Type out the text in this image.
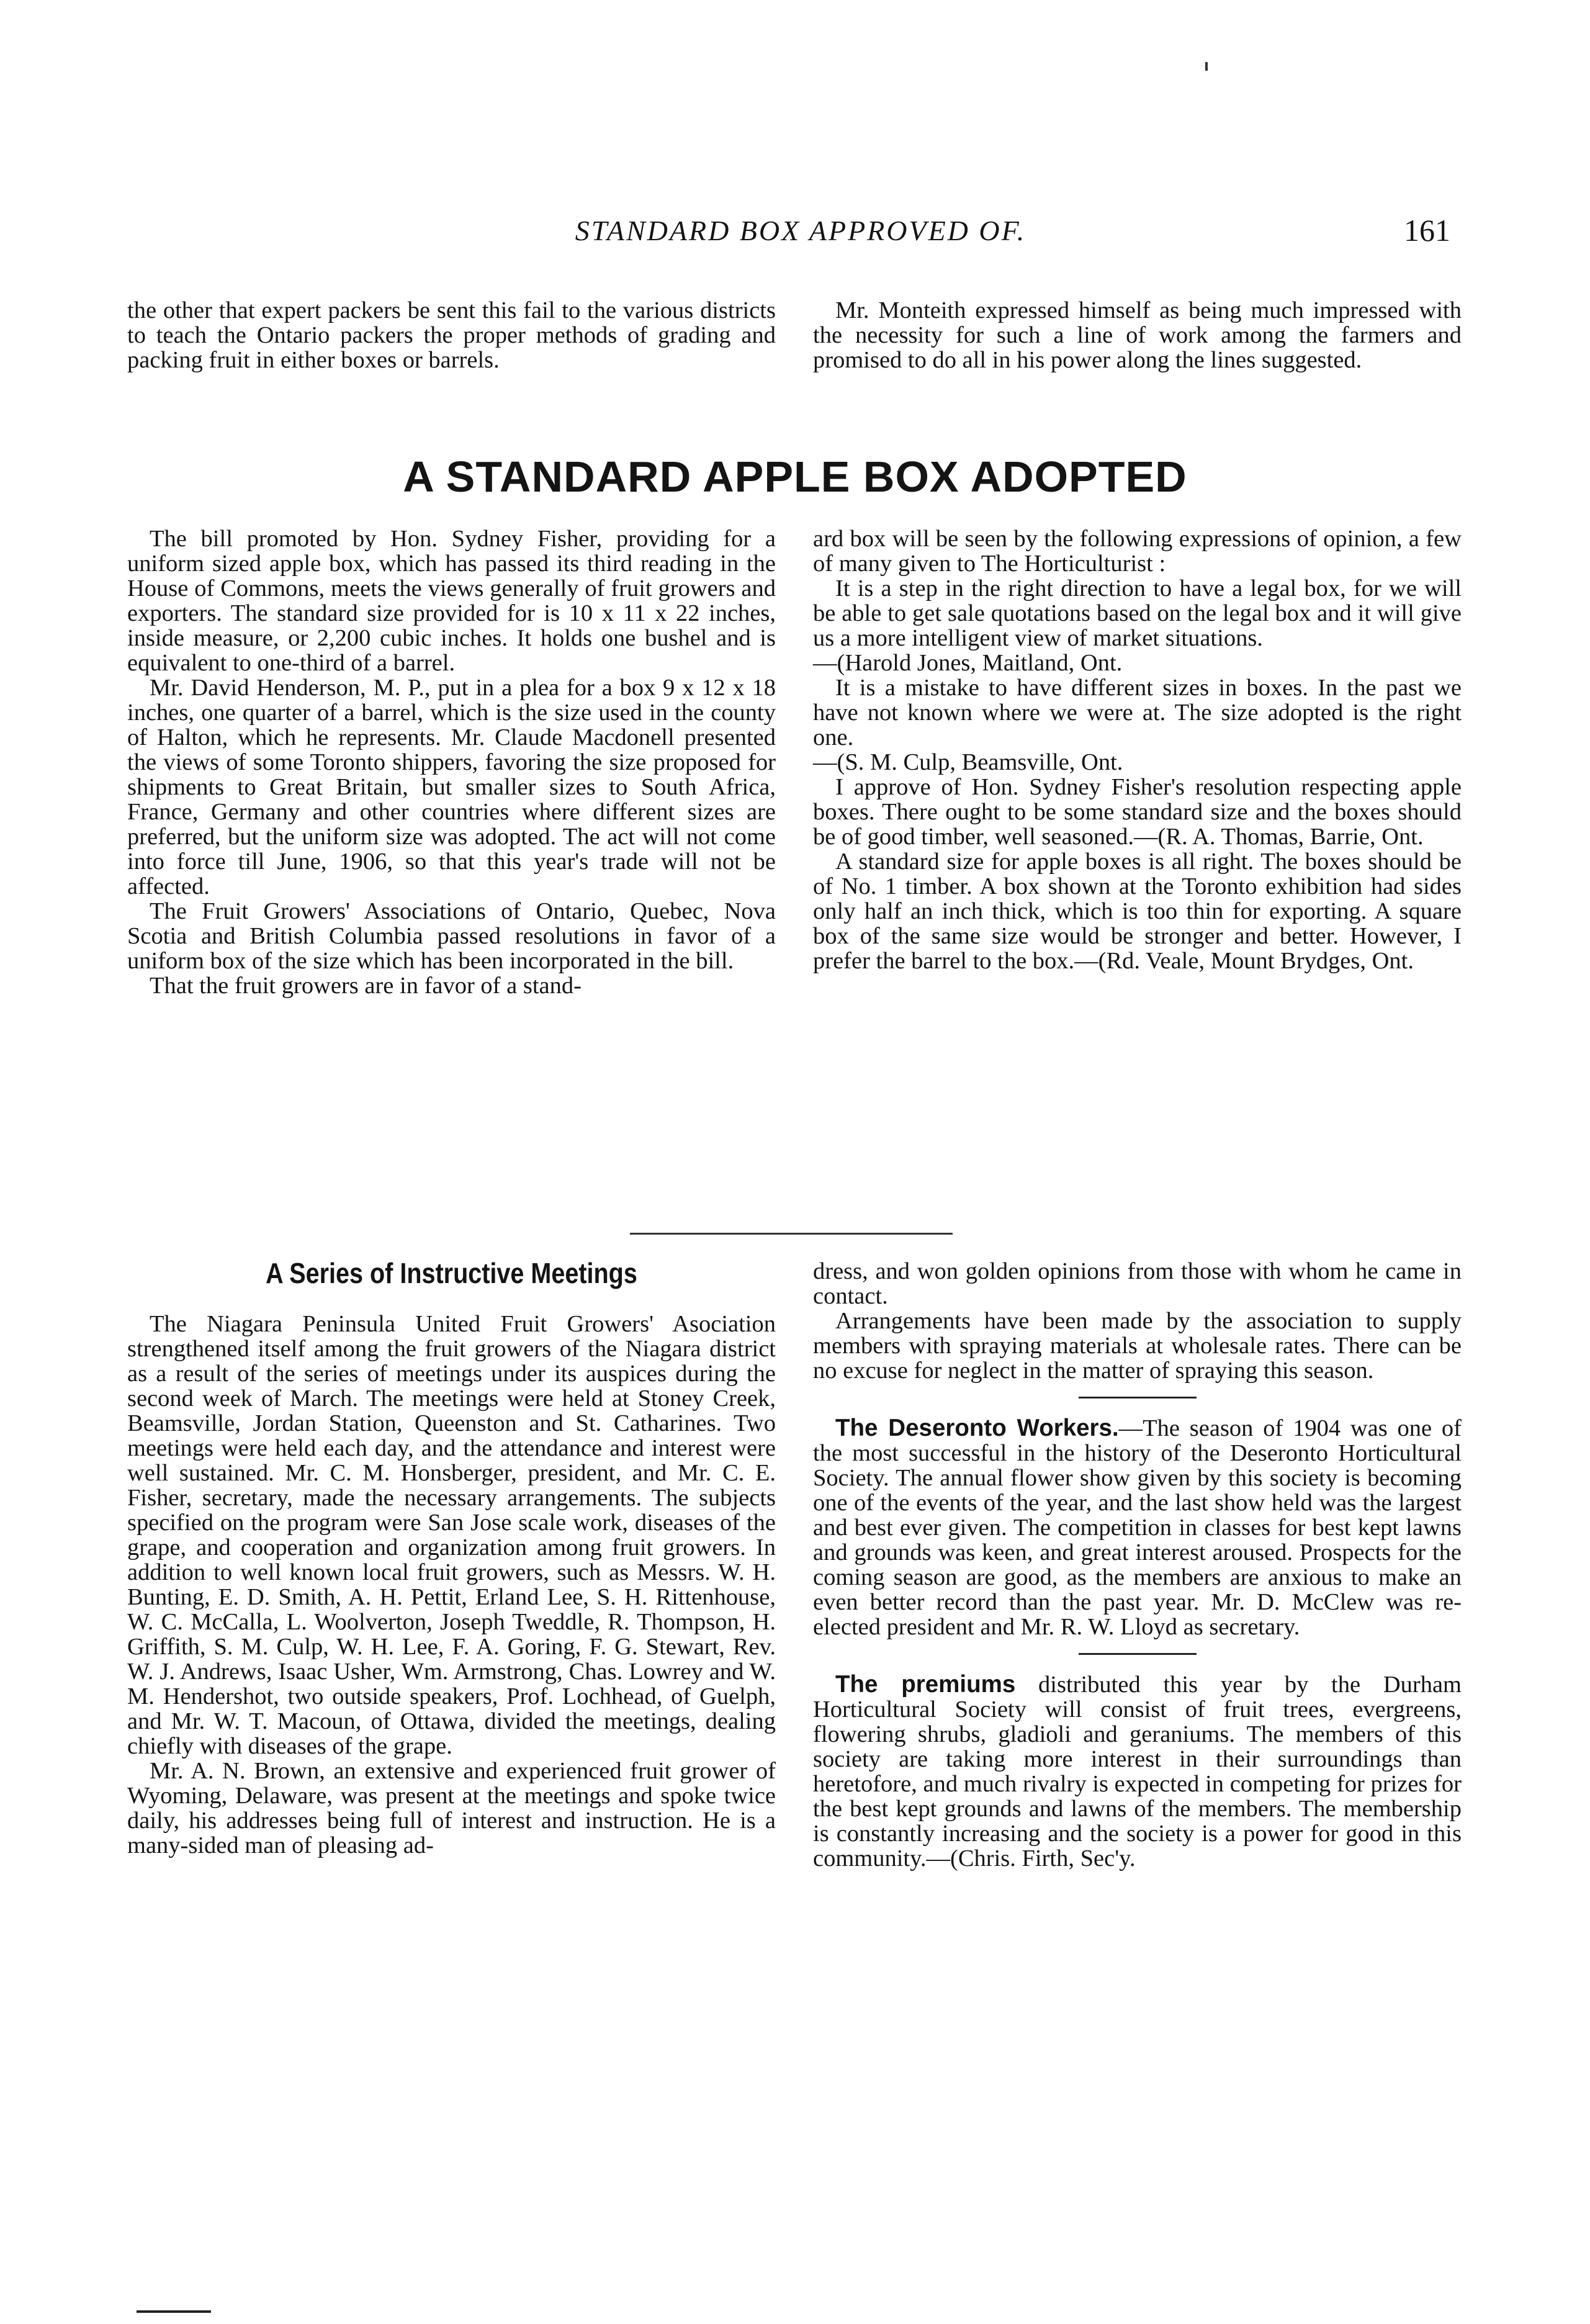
STANDARD BOX APPROVED OF.	161

the other that expert packers be sent this fail to the various districts to teach the Ontario packers the proper methods of grading and packing fruit in either boxes or barrels.

Mr. Monteith expressed himself as being much impressed with the necessity for such a line of work among the farmers and promised to do all in his power along the lines suggested.

A STANDARD APPLE BOX ADOPTED

The bill promoted by Hon. Sydney Fisher, providing for a uniform sized apple box, which has passed its third reading in the House of Commons, meets the views generally of fruit growers and exporters. The standard size provided for is 10 x 11 x 22 inches, inside measure, or 2,200 cubic inches. It holds one bushel and is equivalent to one-third of a barrel.

Mr. David Henderson, M. P., put in a plea for a box 9 x 12 x 18 inches, one quarter of a barrel, which is the size used in the county of Halton, which he represents. Mr. Claude Macdonell presented the views of some Toronto shippers, favoring the size proposed for shipments to Great Britain, but smaller sizes to South Africa, France, Germany and other countries where different sizes are preferred, but the uniform size was adopted. The act will not come into force till June, 1906, so that this year's trade will not be affected.

The Fruit Growers' Associations of Ontario, Quebec, Nova Scotia and British Columbia passed resolutions in favor of a uniform box of the size which has been incorporated in the bill.

That the fruit growers are in favor of a stand-

ard box will be seen by the following expressions of opinion, a few of many given to The Horticulturist :

It is a step in the right direction to have a legal box, for we will be able to get sale quotations based on the legal box and it will give us a more intelligent view of market situations.

—(Harold Jones, Maitland, Ont.

It is a mistake to have different sizes in boxes. In the past we have not known where we were at. The size adopted is the right one.

—(S. M. Culp, Beamsville, Ont.

I approve of Hon. Sydney Fisher's resolution respecting apple boxes. There ought to be some standard size and the boxes should be of good timber, well seasoned.—(R. A. Thomas, Barrie, Ont.

A standard size for apple boxes is all right. The boxes should be of No. 1 timber. A box shown at the Toronto exhibition had sides only half an inch thick, which is too thin for exporting. A square box of the same size would be stronger and better. However, I prefer the barrel to the box.—(Rd. Veale, Mount Brydges, Ont.

A Series of Instructive Meetings

The Niagara Peninsula United Fruit Growers' Asociation strengthened itself among the fruit growers of the Niagara district as a result of the series of meetings under its auspices during the second week of March. The meetings were held at Stoney Creek, Beamsville, Jordan Station, Queenston and St. Catharines. Two meetings were held each day, and the attendance and interest were well sustained. Mr. C. M. Honsberger, president, and Mr. C. E. Fisher, secretary, made the necessary arrangements. The subjects specified on the program were San Jose scale work, diseases of the grape, and cooperation and organization among fruit growers. In addition to well known local fruit growers, such as Messrs. W. H. Bunting, E. D. Smith, A. H. Pettit, Erland Lee, S. H. Rittenhouse, W. C. McCalla, L. Woolverton, Joseph Tweddle, R. Thompson, H. Griffith, S. M. Culp, W. H. Lee, F. A. Goring, F. G. Stewart, Rev. W. J. Andrews, Isaac Usher, Wm. Armstrong, Chas. Lowrey and W. M. Hendershot, two outside speakers, Prof. Lochhead, of Guelph, and Mr. W. T. Macoun, of Ottawa, divided the meetings, dealing chiefly with diseases of the grape.

Mr. A. N. Brown, an extensive and experienced fruit grower of Wyoming, Delaware, was present at the meetings and spoke twice daily, his addresses being full of interest and instruction. He is a many-sided man of pleasing ad-

dress, and won golden opinions from those with whom he came in contact.

Arrangements have been made by the association to supply members with spraying materials at wholesale rates. There can be no excuse for neglect in the matter of spraying this season.

The Deseronto Workers.—The season of 1904 was one of the most successful in the history of the Deseronto Horticultural Society. The annual flower show given by this society is becoming one of the events of the year, and the last show held was the largest and best ever given. The competition in classes for best kept lawns and grounds was keen, and great interest aroused. Prospects for the coming season are good, as the members are anxious to make an even better record than the past year. Mr. D. McClew was re-elected president and Mr. R. W. Lloyd as secretary.

The premiums distributed this year by the Durham Horticultural Society will consist of fruit trees, evergreens, flowering shrubs, gladioli and geraniums. The members of this society are taking more interest in their surroundings than heretofore, and much rivalry is expected in competing for prizes for the best kept grounds and lawns of the members. The membership is constantly increasing and the society is a power for good in this community.—(Chris. Firth, Sec'y.
